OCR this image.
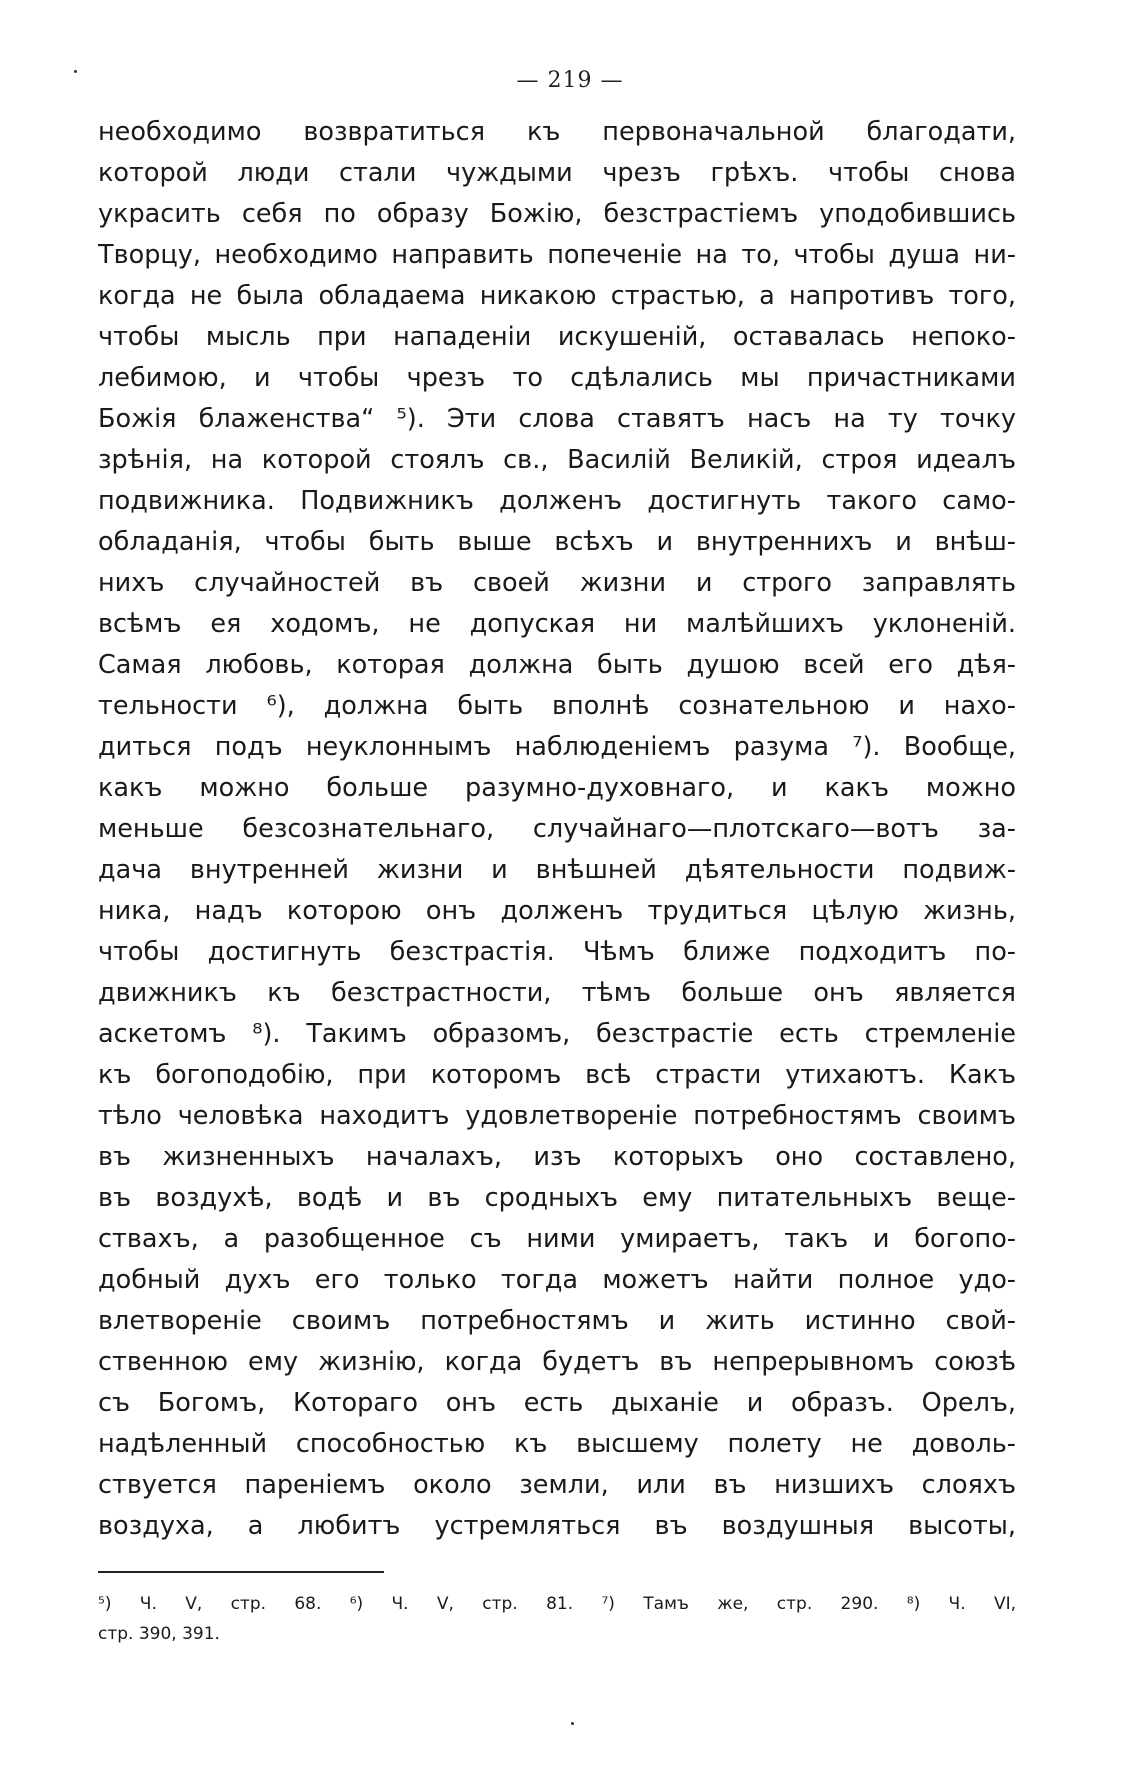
— 219 —
необходимо возвратиться къ первоначальной благодати,
которой люди стали чуждыми чрезъ грѣхъ. чтобы снова
украсить себя по образу Божiю, безстрастiемъ уподобившись
Творцу, необходимо направить попеченiе на то, чтобы душа ни-
когда не была обладаема никакою страстью, а напротивъ того,
чтобы мысль при нападенiи искушенiй, оставалась непоко-
лебимою, и чтобы чрезъ то сдѣлались мы причастниками
Божiя блаженства“ ⁵). Эти слова ставятъ насъ на ту точку
зрѣнiя, на которой стоялъ св., Василiй Великiй, строя идеалъ
подвижника. Подвижникъ долженъ достигнуть такого само-
обладанiя, чтобы быть выше всѣхъ и внутреннихъ и внѣш-
нихъ случайностей въ своей жизни и строго заправлять
всѣмъ ея ходомъ, не допуская ни малѣйшихъ уклоненiй.
Самая любовь, которая должна быть душою всей его дѣя-
тельности ⁶), должна быть вполнѣ сознательною и нахо-
диться подъ неуклоннымъ наблюденiемъ разума ⁷). Вообще,
какъ можно больше разумно-духовнаго, и какъ можно
меньше безсознательнаго, случайнаго—плотскаго—вотъ за-
дача внутренней жизни и внѣшней дѣятельности подвиж-
ника, надъ которою онъ долженъ трудиться цѣлую жизнь,
чтобы достигнуть безстрастiя. Чѣмъ ближе подходитъ по-
движникъ къ безстрастности, тѣмъ больше онъ является
аскетомъ ⁸). Такимъ образомъ, безстрастiе есть стремленiе
къ богоподобiю, при которомъ всѣ страсти утихаютъ. Какъ
тѣло человѣка находитъ удовлетворенiе потребностямъ своимъ
въ жизненныхъ началахъ, изъ которыхъ оно составлено,
въ воздухѣ, водѣ и въ сродныхъ ему питательныхъ веще-
ствахъ, а разобщенное съ ними умираетъ, такъ и богопо-
добный духъ его только тогда можетъ найти полное удо-
влетворенiе своимъ потребностямъ и жить истинно свой-
ственною ему жизнiю, когда будетъ въ непрерывномъ союзѣ
съ Богомъ, Котораго онъ есть дыханiе и образъ. Орелъ,
надѣленный способностью къ высшему полету не доволь-
ствуется паренiемъ около земли, или въ низшихъ слояхъ
воздуха, а любитъ устремляться въ воздушныя высоты,
⁵) Ч. V, стр. 68. ⁶) Ч. V, стр. 81. ⁷) Тамъ же, стр. 290. ⁸) Ч. VI,
стр. 390, 391.
